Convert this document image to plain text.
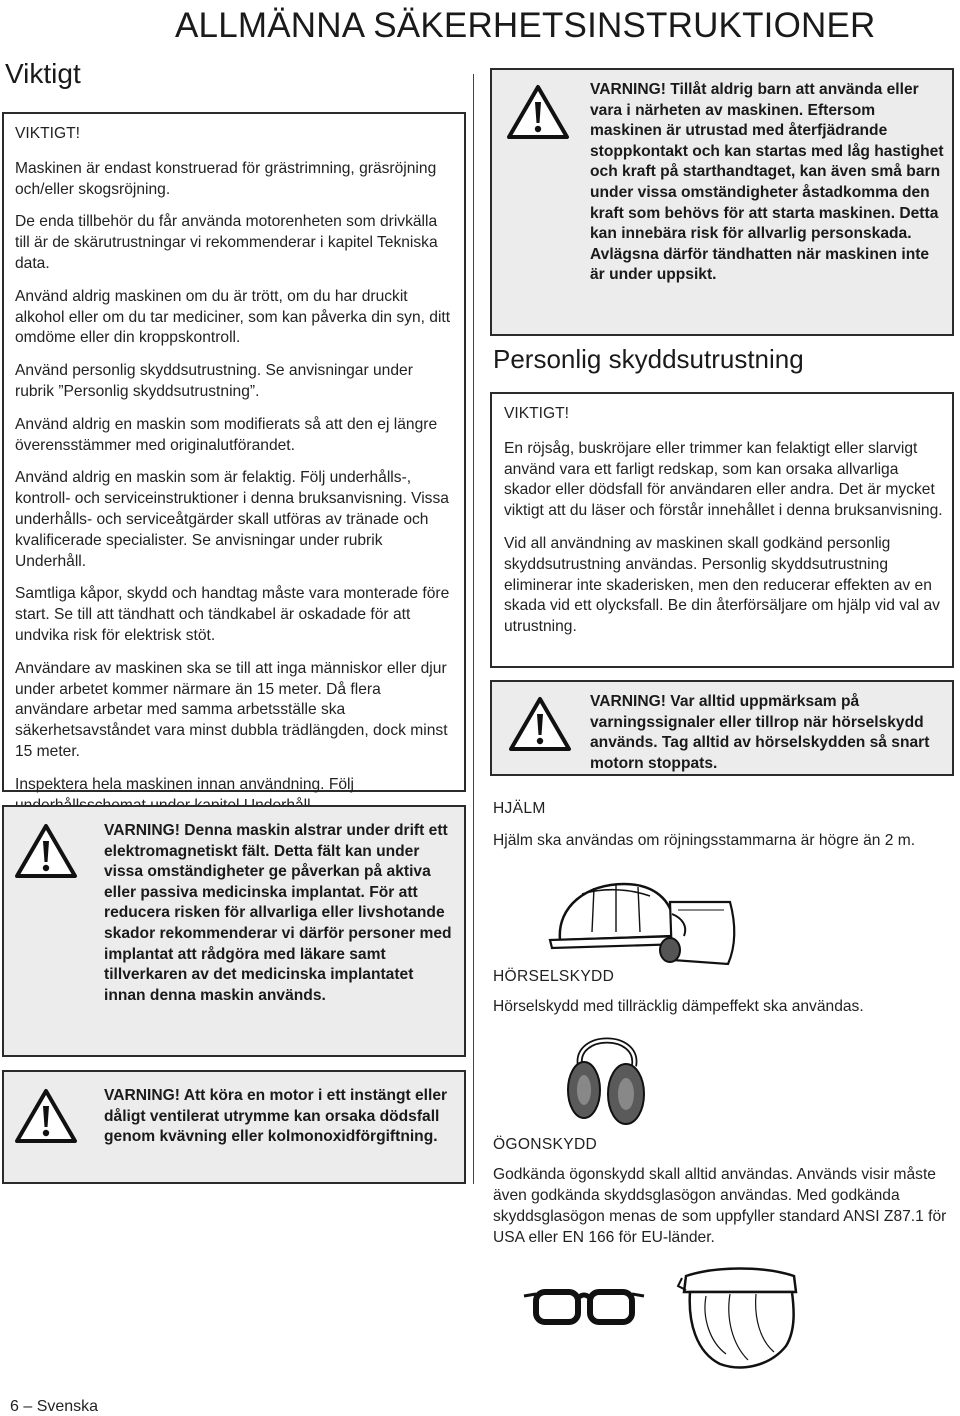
ALLMÄNNA SÄKERHETSINSTRUKTIONER
Viktigt

VIKTIGT!

Maskinen är endast konstruerad för grästrimning, gräsröjning och/eller skogsröjning.

De enda tillbehör du får använda motorenheten som drivkälla till är de skärutrustningar vi rekommenderar i kapitel Tekniska data.

Använd aldrig maskinen om du är trött, om du har druckit alkohol eller om du tar mediciner, som kan påverka din syn, ditt omdöme eller din kroppskontroll.

Använd personlig skyddsutrustning. Se anvisningar under rubrik ”Personlig skyddsutrustning”.

Använd aldrig en maskin som modifierats så att den ej längre överensstämmer med originalutförandet.

Använd aldrig en maskin som är felaktig. Följ underhålls-, kontroll- och serviceinstruktioner i denna bruksanvisning. Vissa underhålls- och serviceåtgärder skall utföras av tränade och kvalificerade specialister. Se anvisningar under rubrik Underhåll.

Samtliga kåpor, skydd och handtag måste vara monterade före start. Se till att tändhatt och tändkabel är oskadade för att undvika risk för elektrisk stöt.

Användare av maskinen ska se till att inga människor eller djur under arbetet kommer närmare än 15 meter. Då flera användare arbetar med samma arbetsställe ska säkerhetsavståndet vara minst dubbla trädlängden, dock minst 15 meter.

Inspektera hela maskinen innan användning. Följ

VARNING! Denna maskin alstrar under drift ett elektromagnetiskt fält. Detta fält kan under vissa omständigheter ge påverkan på aktiva eller passiva medicinska implantat. För att reducera risken för allvarliga eller livshotande skador rekommenderar vi därför personer med implantat att rådgöra med läkare samt tillverkaren av det medicinska implantatet innan denna maskin används.
VARNING! Att köra en motor i ett instängt eller dåligt ventilerat utrymme kan orsaka dödsfall genom kvävning eller kolmonoxidförgiftning.
VARNING! Tillåt aldrig barn att använda eller vara i närheten av maskinen. Eftersom maskinen är utrustad med återfjädrande stoppkontakt och kan startas med låg hastighet och kraft på starthandtaget, kan även små barn under vissa omständigheter åstadkomma den kraft som behövs för att starta maskinen. Detta kan innebära risk för allvarlig personskada. Avlägsna därför tändhatten när maskinen inte är under uppsikt.
Personlig skyddsutrustning

VIKTIGT!

En röjsåg, buskröjare eller trimmer kan felaktigt eller slarvigt använd vara ett farligt redskap, som kan orsaka allvarliga skador eller dödsfall för användaren eller andra. Det är mycket viktigt att du läser och förstår innehållet i denna bruksanvisning.

Vid all användning av maskinen skall godkänd personlig skyddsutrustning användas. Personlig skyddsutrustning eliminerar inte skaderisken, men den reducerar effekten av en skada vid ett olycksfall. Be din återförsäljare om hjälp vid val av utrustning.

VARNING! Var alltid uppmärksam på varningssignaler eller tillrop när hörselskydd används. Tag alltid av hörselskydden så snart motorn stoppats.
HJÄLM
Hjälm ska användas om röjningsstammarna är högre än 2 m.
HÖRSELSKYDD
Hörselskydd med tillräcklig dämpeffekt ska användas.
ÖGONSKYDD
Godkända ögonskydd skall alltid användas. Används visir måste även godkända skyddsglasögon användas. Med godkända skyddsglasögon menas de som uppfyller standard ANSI Z87.1 för USA eller EN 166 för EU-länder.
6 – Svenska
